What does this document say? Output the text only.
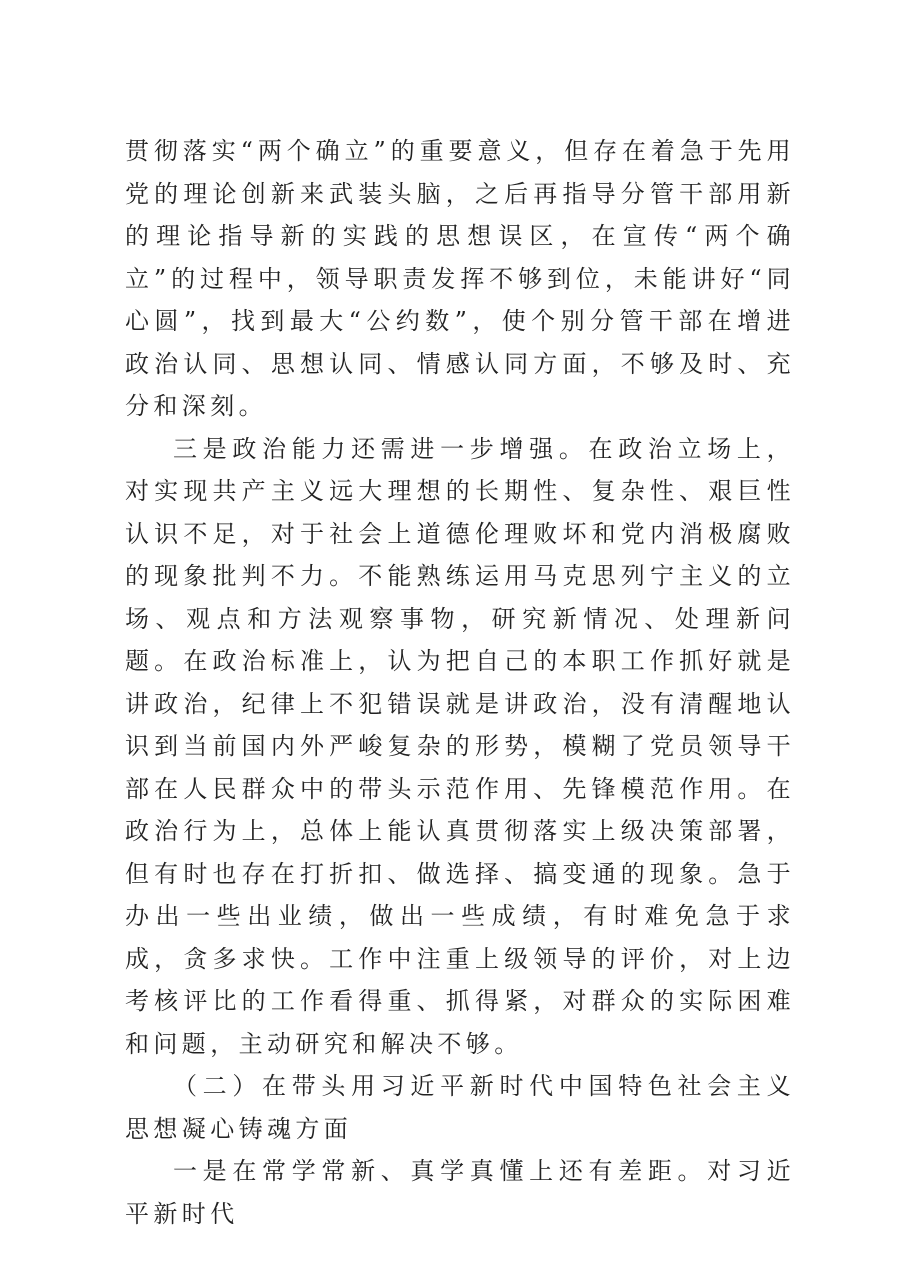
贯彻落实“两个确立”的重要意义，但存在着急于先用党的理论创新来武装头脑，之后再指导分管干部用新的理论指导新的实践的思想误区，在宣传“两个确立”的过程中，领导职责发挥不够到位，未能讲好“同心圆”，找到最大“公约数”，使个别分管干部在增进政治认同、思想认同、情感认同方面，不够及时、充分和深刻。

三是政治能力还需进一步增强。在政治立场上，对实现共产主义远大理想的长期性、复杂性、艰巨性认识不足，对于社会上道德伦理败坏和党内消极腐败的现象批判不力。不能熟练运用马克思列宁主义的立场、观点和方法观察事物，研究新情况、处理新问题。在政治标准上，认为把自己的本职工作抓好就是讲政治，纪律上不犯错误就是讲政治，没有清醒地认识到当前国内外严峻复杂的形势，模糊了党员领导干部在人民群众中的带头示范作用、先锋模范作用。在政治行为上，总体上能认真贯彻落实上级决策部署，但有时也存在打折扣、做选择、搞变通的现象。急于办出一些出业绩，做出一些成绩，有时难免急于求成，贪多求快。工作中注重上级领导的评价，对上边考核评比的工作看得重、抓得紧，对群众的实际困难和问题，主动研究和解决不够。

（二）在带头用习近平新时代中国特色社会主义思想凝心铸魂方面

一是在常学常新、真学真懂上还有差距。对习近平新时代
